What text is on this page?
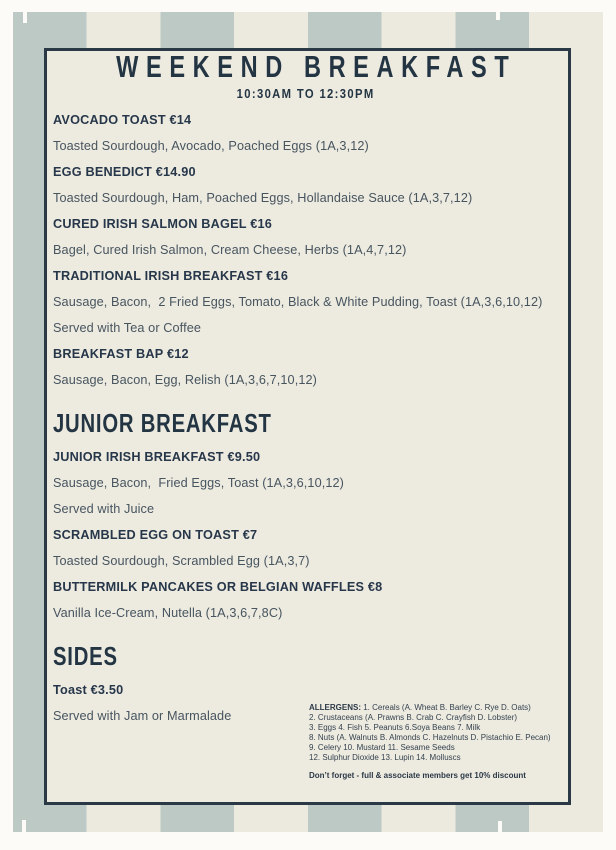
WEEKEND BREAKFAST
10:30AM TO 12:30PM

AVOCADO TOAST €14

Toasted Sourdough, Avocado, Poached Eggs (1A,3,12)

EGG BENEDICT €14.90

Toasted Sourdough, Ham, Poached Eggs, Hollandaise Sauce (1A,3,7,12)

CURED IRISH SALMON BAGEL €16

Bagel, Cured Irish Salmon, Cream Cheese, Herbs (1A,4,7,12)

TRADITIONAL IRISH BREAKFAST €16

Sausage, Bacon,  2 Fried Eggs, Tomato, Black & White Pudding, Toast (1A,3,6,10,12)

Served with Tea or Coffee

BREAKFAST BAP €12

Sausage, Bacon, Egg, Relish (1A,3,6,7,10,12)

JUNIOR BREAKFAST

JUNIOR IRISH BREAKFAST €9.50

Sausage, Bacon,  Fried Eggs, Toast (1A,3,6,10,12)

Served with Juice

SCRAMBLED EGG ON TOAST €7

Toasted Sourdough, Scrambled Egg (1A,3,7)

BUTTERMILK PANCAKES OR BELGIAN WAFFLES €8

Vanilla Ice-Cream, Nutella (1A,3,6,7,8C)

SIDES

Toast €3.50

Served with Jam or Marmalade

ALLERGENS: 1. Cereals (A. Wheat B. Barley C. Rye D. Oats)

2. Crustaceans (A. Prawns B. Crab C. Crayfish D. Lobster)

3. Eggs 4. Fish 5. Peanuts 6.Soya Beans 7. Milk

8. Nuts (A. Walnuts B. Almonds C. Hazelnuts D. Pistachio E. Pecan)

9. Celery 10. Mustard 11. Sesame Seeds

12. Sulphur Dioxide 13. Lupin 14. Molluscs

Don’t forget - full & associate members get 10% discount
